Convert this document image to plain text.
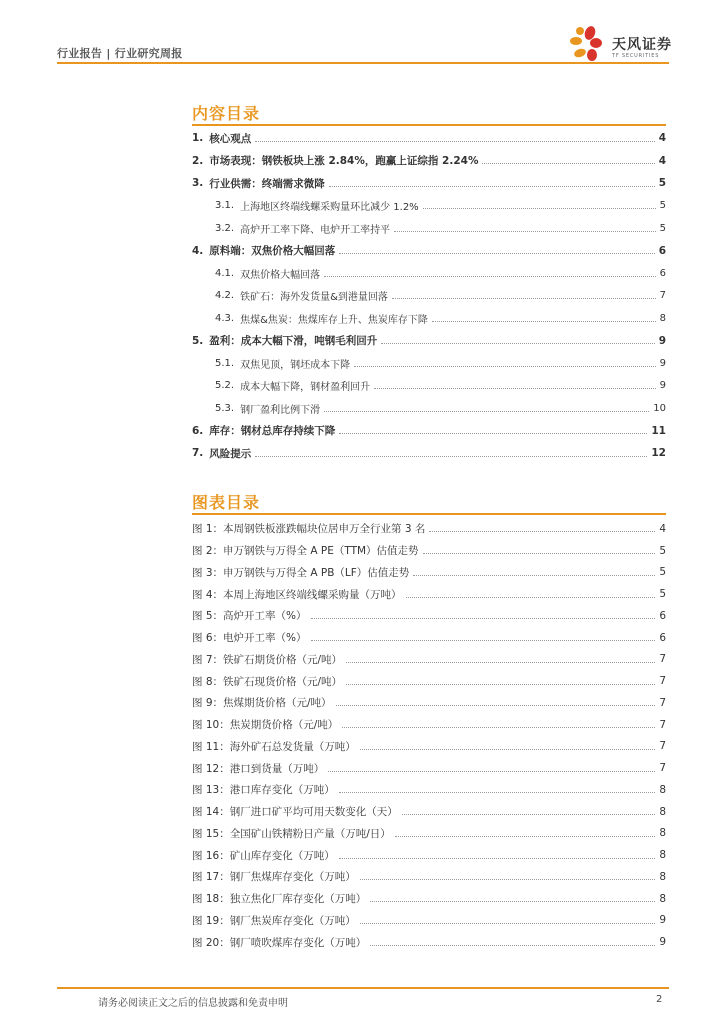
行业报告 | 行业研究周报
天风证券
TF SECURITIES
内容目录
1. 核心观点	4
2. 市场表现：钢铁板块上涨 2.84%，跑赢上证综指 2.24%	4
3. 行业供需：终端需求微降	5
3.1. 上海地区终端线螺采购量环比减少 1.2%	5
3.2. 高炉开工率下降、电炉开工率持平	5
4. 原料端：双焦价格大幅回落	6
4.1. 双焦价格大幅回落	6
4.2. 铁矿石：海外发货量&到港量回落	7
4.3. 焦煤&焦炭：焦煤库存上升、焦炭库存下降	8
5. 盈利：成本大幅下滑，吨钢毛利回升	9
5.1. 双焦见顶，钢坯成本下降	9
5.2. 成本大幅下降，钢材盈利回升	9
5.3. 钢厂盈利比例下滑	10
6. 库存：钢材总库存持续下降	11
7. 风险提示	12
图表目录
图 1：本周钢铁板涨跌幅块位居申万全行业第 3 名	4
图 2：申万钢铁与万得全 A PE（TTM）估值走势	5
图 3：申万钢铁与万得全 A PB（LF）估值走势	5
图 4：本周上海地区终端线螺采购量（万吨）	5
图 5：高炉开工率（%）	6
图 6：电炉开工率（%）	6
图 7：铁矿石期货价格（元/吨）	7
图 8：铁矿石现货价格（元/吨）	7
图 9：焦煤期货价格（元/吨）	7
图 10：焦炭期货价格（元/吨）	7
图 11：海外矿石总发货量（万吨）	7
图 12：港口到货量（万吨）	7
图 13：港口库存变化（万吨）	8
图 14：钢厂进口矿平均可用天数变化（天）	8
图 15：全国矿山铁精粉日产量（万吨/日）	8
图 16：矿山库存变化（万吨）	8
图 17：钢厂焦煤库存变化（万吨）	8
图 18：独立焦化厂库存变化（万吨）	8
图 19：钢厂焦炭库存变化（万吨）	9
图 20：钢厂喷吹煤库存变化（万吨）	9
请务必阅读正文之后的信息披露和免责申明	2
